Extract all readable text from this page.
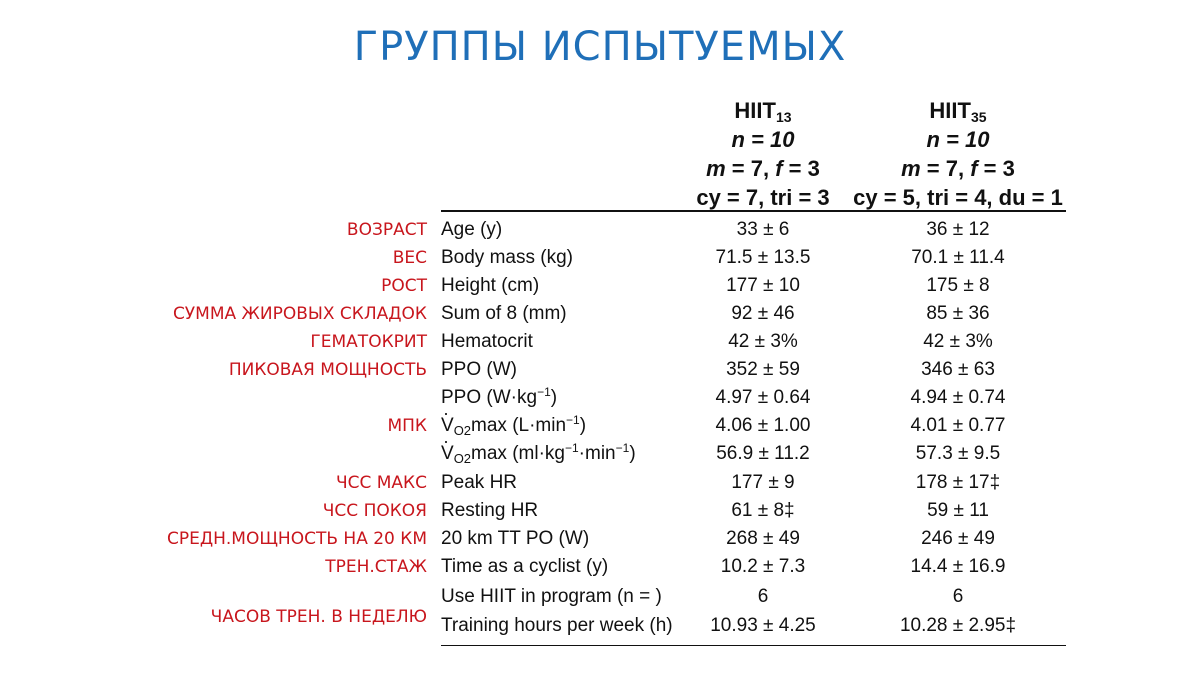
ГРУППЫ ИСПЫТУЕМЫХ
$HIIT_{13}$
n = 10
m = 7, f = 3
cy = 7, tri = 3
$HIIT_{35}$
n = 10
m = 7, f = 3
cy = 5, tri = 4, du = 1
ВОЗРАСТ Age (y)	33 ± 6	36 ± 12
ВЕС Body mass (kg)	71.5 ± 13.5	70.1 ± 11.4
РОСТ Height (cm)	177 ± 10	175 ± 8
СУММА ЖИРОВЫХ СКЛАДОК Sum of 8 (mm)	92 ± 46	85 ± 36
ГЕМАТОКРИТ Hematocrit	42 ± 3%	42 ± 3%
ПИКОВАЯ МОЩНОСТЬ PPO (W)	352 ± 59	346 ± 63
PPO $(W\cdot kg^{-1})$	4.97 ± 0.64	4.94 ± 0.74
МПК
· $V_{O2}\max$ $(L\cdot\min^{-1})$	4.06 ± 1.00	4.01 ± 0.77
· $V_{O2}\max$ $(ml\cdot kg^{-1}\cdot\min^{-1})$	56.9 ± 11.2	57.3 ± 9.5
ЧСС МАКС Peak HR	177 ± 9	178 ± 17‡
ЧСС ПОКОЯ Resting HR	61 ± 8‡	59 ± 11
СРЕДН.МОЩНОСТЬ НА 20 КМ 20 km TT PO (W)	268 ± 49	246 ± 49
ТРЕН.СТАЖ Time as a cyclist (y)	10.2 ± 7.3	14.4 ± 16.9
Use HIIT in program (n = )	6	6
ЧАСОВ ТРЕН. В НЕДЕЛЮ Training hours per week (h)	10.93 ± 4.25	10.28 ± 2.95‡
